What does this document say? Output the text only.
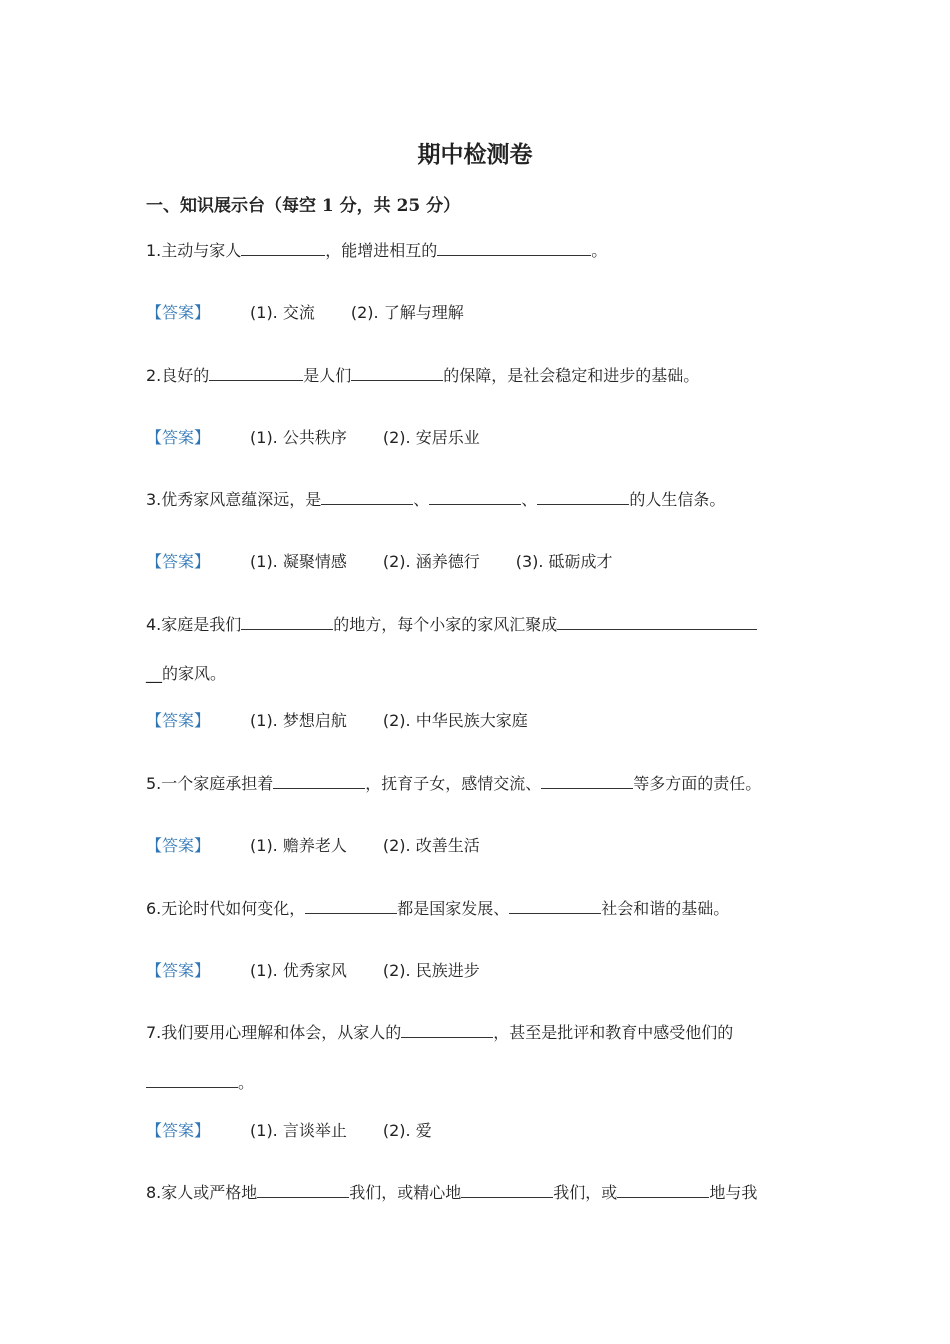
期中检测卷
一、知识展示台（每空 1 分，共 25 分）
1.主动与家人	，能增进相互的	。
【答案】	(1). 交流 (2). 了解与理解
2.良好的	是人们	的保障，是社会稳定和进步的基础。
【答案】	(1). 公共秩序 (2). 安居乐业
3.优秀家风意蕴深远，是	、	、	的人生信条。
【答案】	(1). 凝聚情感 (2). 涵养德行 (3). 砥砺成才
4.家庭是我们	的地方，每个小家的家风汇聚成
__的家风。
【答案】	(1). 梦想启航 (2). 中华民族大家庭
5.一个家庭承担着	，抚育子女，感情交流、	等多方面的责任。
【答案】	(1). 赡养老人 (2). 改善生活
6.无论时代如何变化，	都是国家发展、	社会和谐的基础。
【答案】	(1). 优秀家风 (2). 民族进步
7.我们要用心理解和体会，从家人的	，甚至是批评和教育中感受他们的
。
【答案】	(1). 言谈举止 (2). 爱
8.家人或严格地	我们，或精心地	我们，或	地与我
